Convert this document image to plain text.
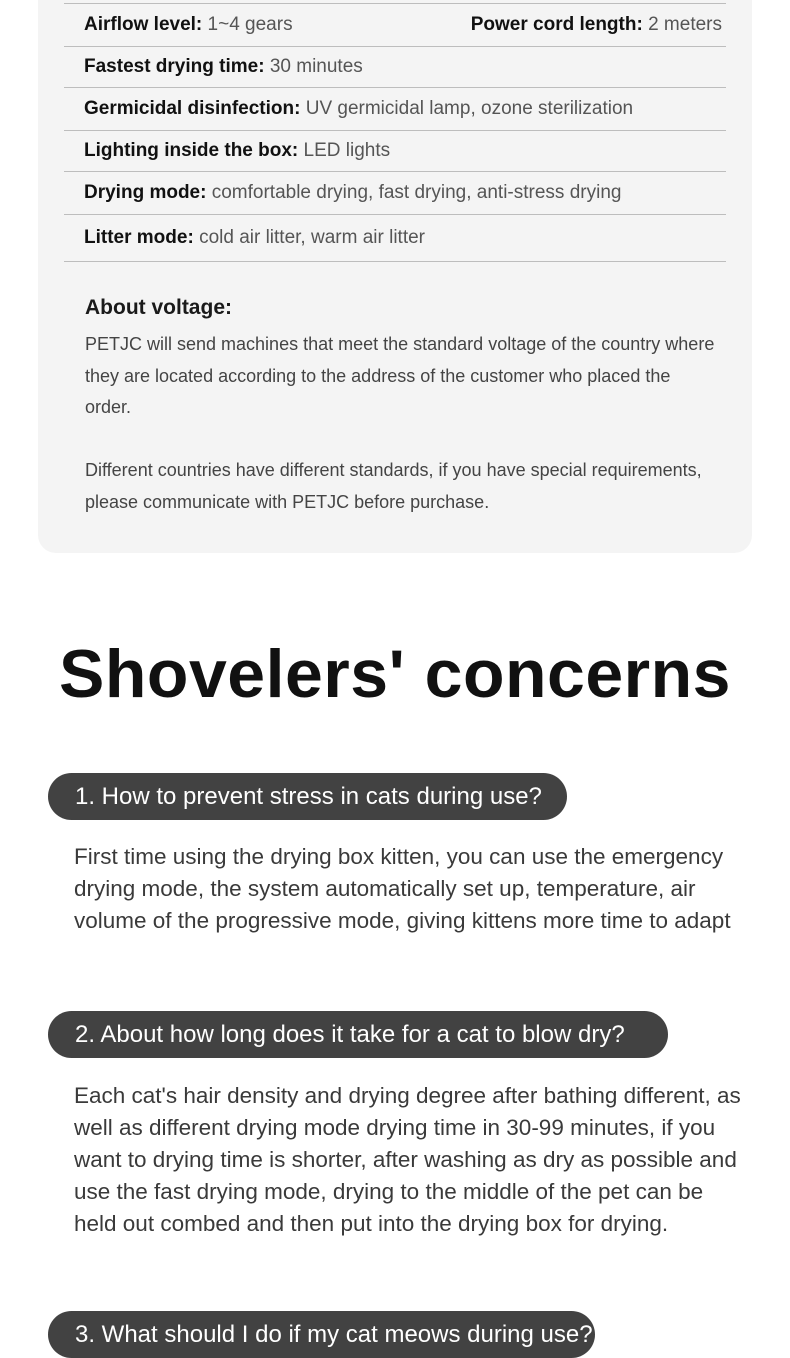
Airflow level: 1~4 gears	Power cord length: 2 meters
Fastest drying time: 30 minutes
Germicidal disinfection: UV germicidal lamp, ozone sterilization
Lighting inside the box: LED lights
Drying mode: comfortable drying, fast drying, anti-stress drying
Litter mode: cold air litter, warm air litter
About voltage:

PETJC will send machines that meet the standard voltage of the country where they are located according to the address of the customer who placed the order.

Different countries have different standards, if you have special requirements, please communicate with PETJC before purchase.

Shovelers' concerns
1. How to prevent stress in cats during use?

First time using the drying box kitten, you can use the emergency drying mode, the system automatically set up, temperature, air volume of the progressive mode, giving kittens more time to adapt

2. About how long does it take for a cat to blow dry?

Each cat's hair density and drying degree after bathing different, as well as different drying mode drying time in 30-99 minutes, if you want to drying time is shorter, after washing as dry as possible and use the fast drying mode, drying to the middle of the pet can be held out combed and then put into the drying box for drying.

3. What should I do if my cat meows during use?
